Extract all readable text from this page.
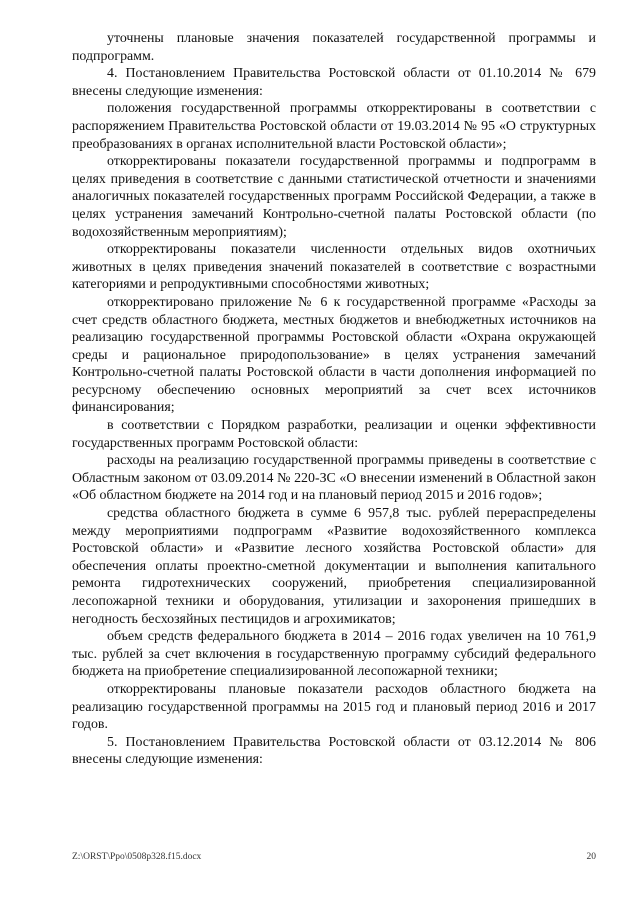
уточнены плановые значения показателей государственной программы и подпрограмм.

4. Постановлением Правительства Ростовской области от 01.10.2014 № 679 внесены следующие изменения:

положения государственной программы откорректированы в соответствии с распоряжением Правительства Ростовской области от 19.03.2014 № 95 «О структурных преобразованиях в органах исполнительной власти Ростовской области»;

откорректированы показатели государственной программы и подпрограмм в целях приведения в соответствие с данными статистической отчетности и значениями аналогичных показателей государственных программ Российской Федерации, а также в целях устранения замечаний Контрольно-счетной палаты Ростовской области (по водохозяйственным мероприятиям);

откорректированы показатели численности отдельных видов охотничьих животных в целях приведения значений показателей в соответствие с возрастными категориями и репродуктивными способностями животных;

откорректировано приложение № 6 к государственной программе «Расходы за счет средств областного бюджета, местных бюджетов и внебюджетных источников на реализацию государственной программы Ростовской области «Охрана окружающей среды и рациональное природопользование» в целях устранения замечаний Контрольно-счетной палаты Ростовской области в части дополнения информацией по ресурсному обеспечению основных мероприятий за счет всех источников финансирования;

в соответствии с Порядком разработки, реализации и оценки эффективности государственных программ Ростовской области:

расходы на реализацию государственной программы приведены в соответствие с Областным законом от 03.09.2014 № 220-ЗС «О внесении изменений в Областной закон «Об областном бюджете на 2014 год и на плановый период 2015 и 2016 годов»;

средства областного бюджета в сумме 6 957,8 тыс. рублей перераспределены между мероприятиями подпрограмм «Развитие водохозяйственного комплекса Ростовской области» и «Развитие лесного хозяйства Ростовской области» для обеспечения оплаты проектно-сметной документации и выполнения капитального ремонта гидротехнических сооружений, приобретения специализированной лесопожарной техники и оборудования, утилизации и захоронения пришедших в негодность бесхозяйных пестицидов и агрохимикатов;

объем средств федерального бюджета в 2014 – 2016 годах увеличен на 10 761,9 тыс. рублей за счет включения в государственную программу субсидий федерального бюджета на приобретение специализированной лесопожарной техники;

откорректированы плановые показатели расходов областного бюджета на реализацию государственной программы на 2015 год и плановый период 2016 и 2017 годов.

5. Постановлением Правительства Ростовской области от 03.12.2014 № 806 внесены следующие изменения:

Z:\ORST\Ppo\0508p328.f15.docx	20
